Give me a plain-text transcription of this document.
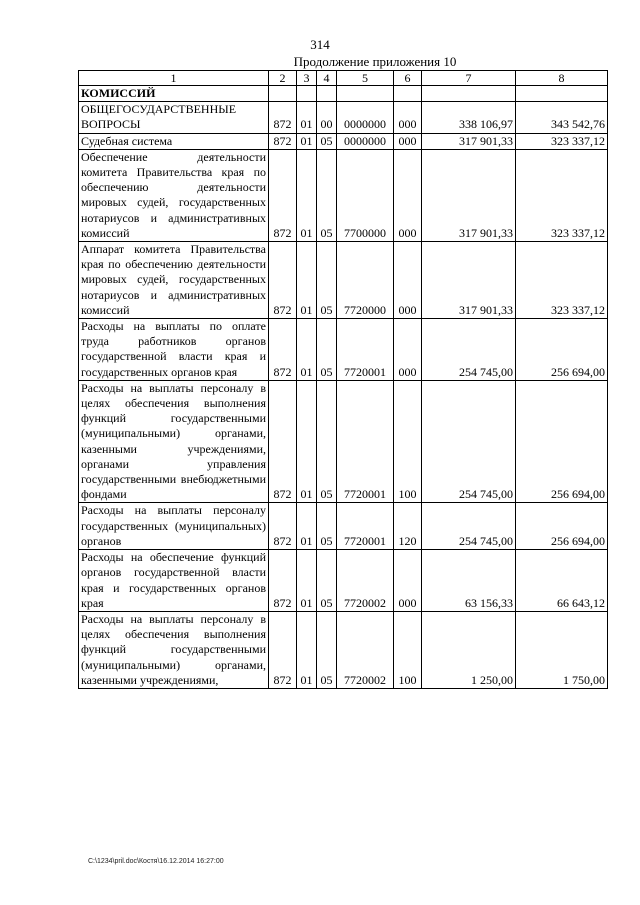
314
Продолжение приложения 10
1	2	3	4	5	6	7	8
КОМИССИЙ							
ОБЩЕГОСУДАРСТВЕННЫЕ ВОПРОСЫ	872	01	00	0000000	000	338 106,97	343 542,76
Судебная система	872	01	05	0000000	000	317 901,33	323 337,12
Обеспечение деятельности комитета Правительства края по обеспечению деятельности мировых судей, государственных нотариусов и административных комиссий	872	01	05	7700000	000	317 901,33	323 337,12
Аппарат комитета Правительства края по обеспечению деятельности мировых судей, государственных нотариусов и административных комиссий	872	01	05	7720000	000	317 901,33	323 337,12
Расходы на выплаты по оплате труда работников органов государственной власти края и государственных органов края	872	01	05	7720001	000	254 745,00	256 694,00
Расходы на выплаты персоналу в целях обеспечения выполнения функций государственными (муниципальными) органами, казенными учреждениями, органами управления государственными внебюджетными фондами	872	01	05	7720001	100	254 745,00	256 694,00
Расходы на выплаты персоналу государственных (муниципальных) органов	872	01	05	7720001	120	254 745,00	256 694,00
Расходы на обеспечение функций органов государственной власти края и государственных органов края	872	01	05	7720002	000	63 156,33	66 643,12
Расходы на выплаты персоналу в целях обеспечения выполнения функций государственными (муниципальными) органами, казенными учреждениями,	872	01	05	7720002	100	1 250,00	1 750,00
C:\1234\pril.doc\Костя\16.12.2014 16:27:00
